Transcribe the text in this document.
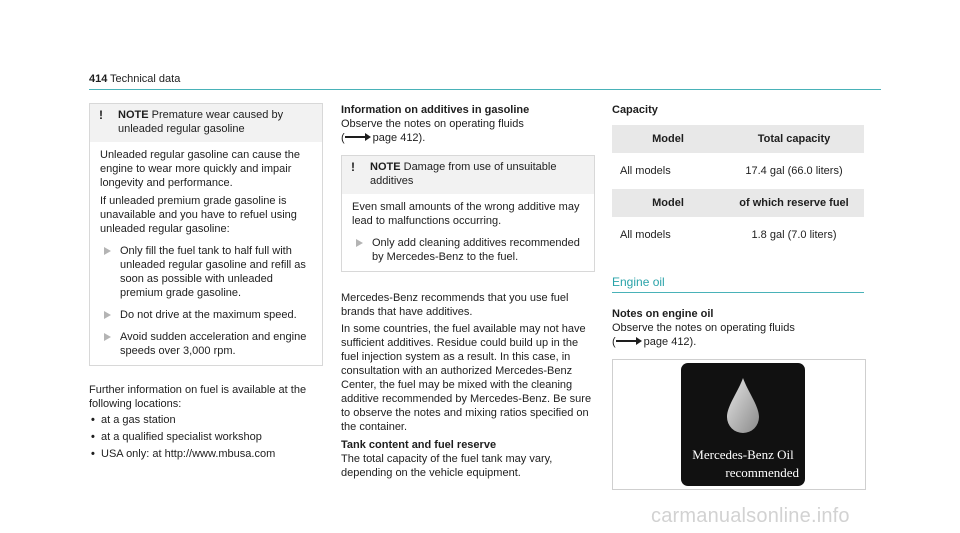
414 Technical data
! NOTE Premature wear caused by unleaded regular gasoline

Unleaded regular gasoline can cause the engine to wear more quickly and impair longevity and performance.

If unleaded premium grade gasoline is unavailable and you have to refuel using unleaded regular gasoline:

Only fill the fuel tank to half full with unleaded regular gasoline and refill as soon as possible with unleaded premium grade gasoline.
Do not drive at the maximum speed.
Avoid sudden acceleration and engine speeds over 3,000 rpm.

Further information on fuel is available at the following locations:

• at a gas station
• at a qualified specialist workshop
• USA only: at http://www.mbusa.com

Information on additives in gasoline

Observe the notes on operating fluids

(	page 412).

! NOTE Damage from use of unsuitable additives

Even small amounts of the wrong additive may lead to malfunctions occurring.

Only add cleaning additives recommended by Mercedes-Benz to the fuel.

Mercedes-Benz recommends that you use fuel brands that have additives.

In some countries, the fuel available may not have sufficient additives. Residue could build up in the fuel injection system as a result. In this case, in consultation with an authorized Mercedes-Benz Center, the fuel may be mixed with the cleaning additive recommended by Mercedes-Benz. Be sure to observe the notes and mixing ratios specified on the container.

Tank content and fuel reserve

The total capacity of the fuel tank may vary, depending on the vehicle equipment.

Capacity

Model	Total capacity
All models	17.4 gal (66.0 liters)
Model	of which reserve fuel
All models	1.8 gal (7.0 liters)
Engine oil

Notes on engine oil

Observe the notes on operating fluids

(	page 412).

Mercedes-Benz Oil
recommended
carmanualsonline.info
